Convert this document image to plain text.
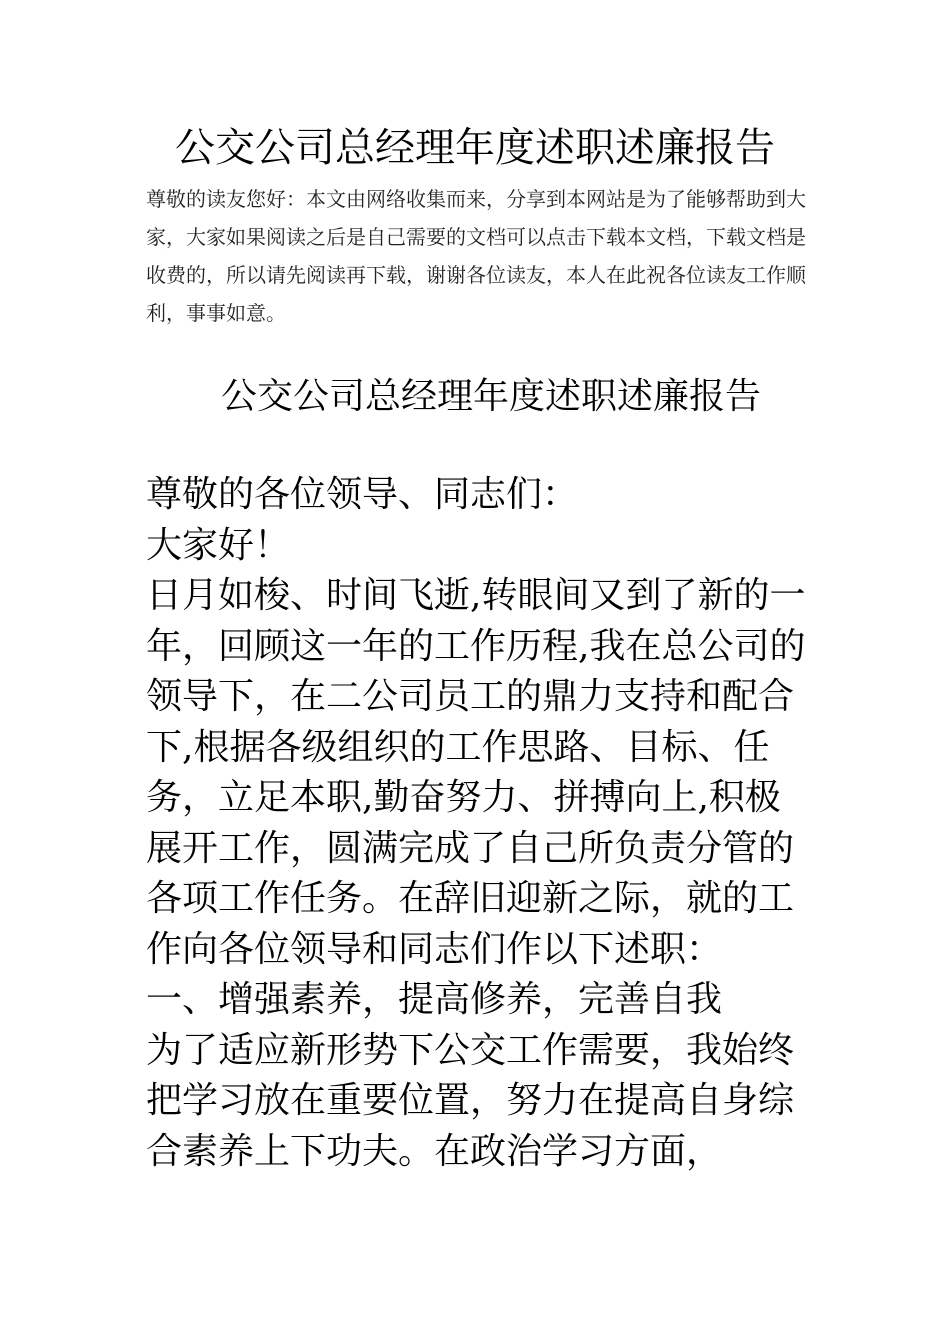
公交公司总经理年度述职述廉报告

尊敬的读友您好：本文由网络收集而来，分享到本网站是为了能够帮助到大家，大家如果阅读之后是自己需要的文档可以点击下载本文档，下载文档是收费的，所以请先阅读再下载，谢谢各位读友，本人在此祝各位读友工作顺利，事事如意。

公交公司总经理年度述职述廉报告

尊敬的各位领导、同志们：

大家好！

日月如梭、时间飞逝,转眼间又到了新的一年，回顾这一年的工作历程,我在总公司的领导下，在二公司员工的鼎力支持和配合下,根据各级组织的工作思路、目标、任务，立足本职,勤奋努力、拼搏向上,积极展开工作，圆满完成了自己所负责分管的各项工作任务。在辞旧迎新之际，就的工作向各位领导和同志们作以下述职：

一、增强素养，提高修养，完善自我

为了适应新形势下公交工作需要，我始终把学习放在重要位置，努力在提高自身综合素养上下功夫。在政治学习方面，
